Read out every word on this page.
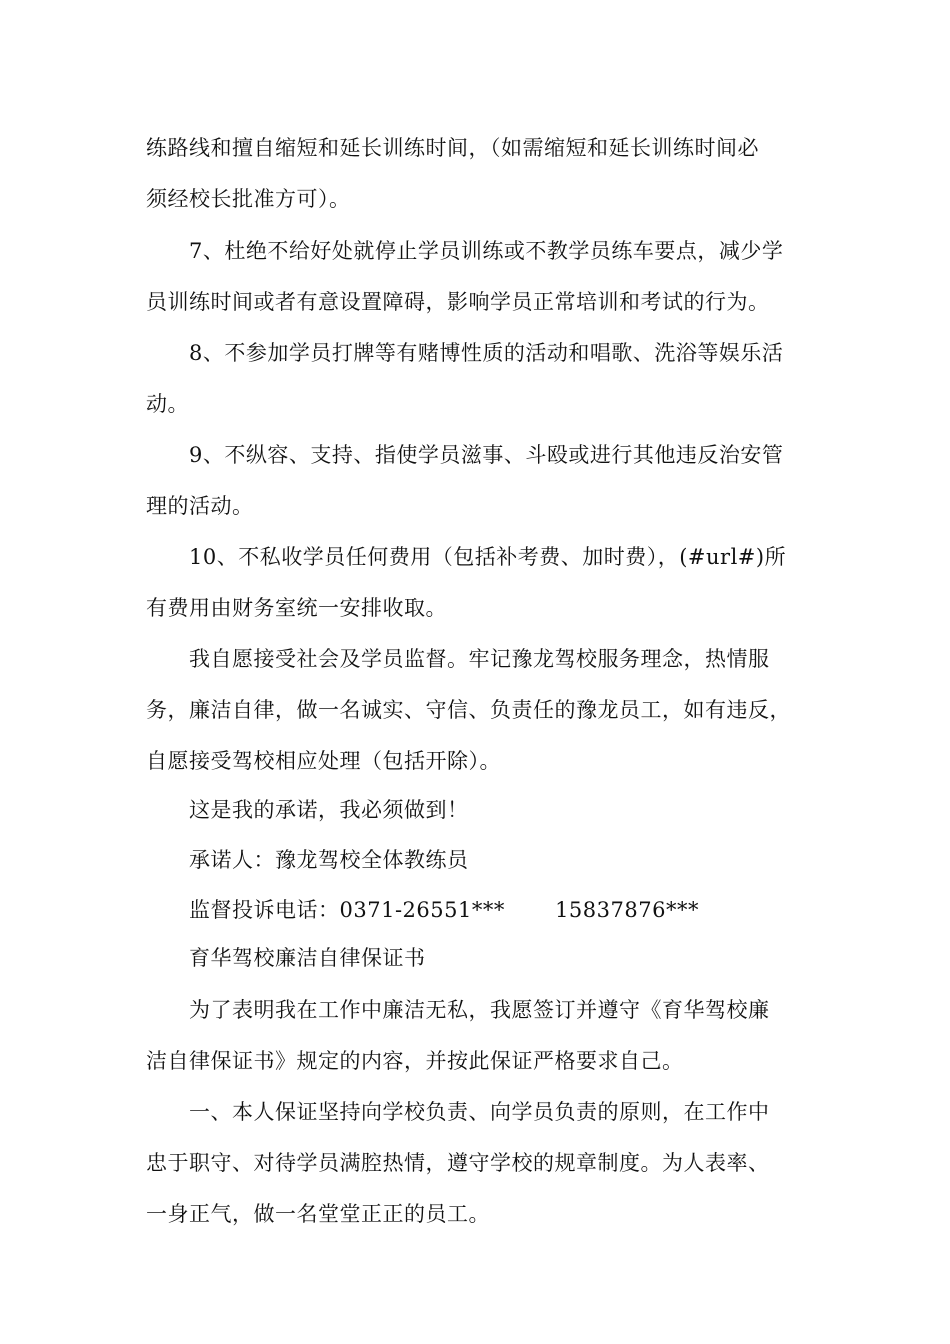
练路线和擅自缩短和延长训练时间，（如需缩短和延长训练时间必
须经校长批准方可）。
7、杜绝不给好处就停止学员训练或不教学员练车要点，减少学
员训练时间或者有意设置障碍，影响学员正常培训和考试的行为。
8、不参加学员打牌等有赌博性质的活动和唱歌、洗浴等娱乐活
动。
9、不纵容、支持、指使学员滋事、斗殴或进行其他违反治安管
理的活动。
10、不私收学员任何费用（包括补考费、加时费），(#url#)所
有费用由财务室统一安排收取。
我自愿接受社会及学员监督。牢记豫龙驾校服务理念，热情服
务，廉洁自律，做一名诚实、守信、负责任的豫龙员工，如有违反，
自愿接受驾校相应处理（包括开除）。
这是我的承诺，我必须做到！
承诺人：豫龙驾校全体教练员
监督投诉电话：0371-26551***       15837876***
育华驾校廉洁自律保证书
为了表明我在工作中廉洁无私，我愿签订并遵守《育华驾校廉
洁自律保证书》规定的内容，并按此保证严格要求自己。
一、本人保证坚持向学校负责、向学员负责的原则，在工作中
忠于职守、对待学员满腔热情，遵守学校的规章制度。为人表率、
一身正气，做一名堂堂正正的员工。
